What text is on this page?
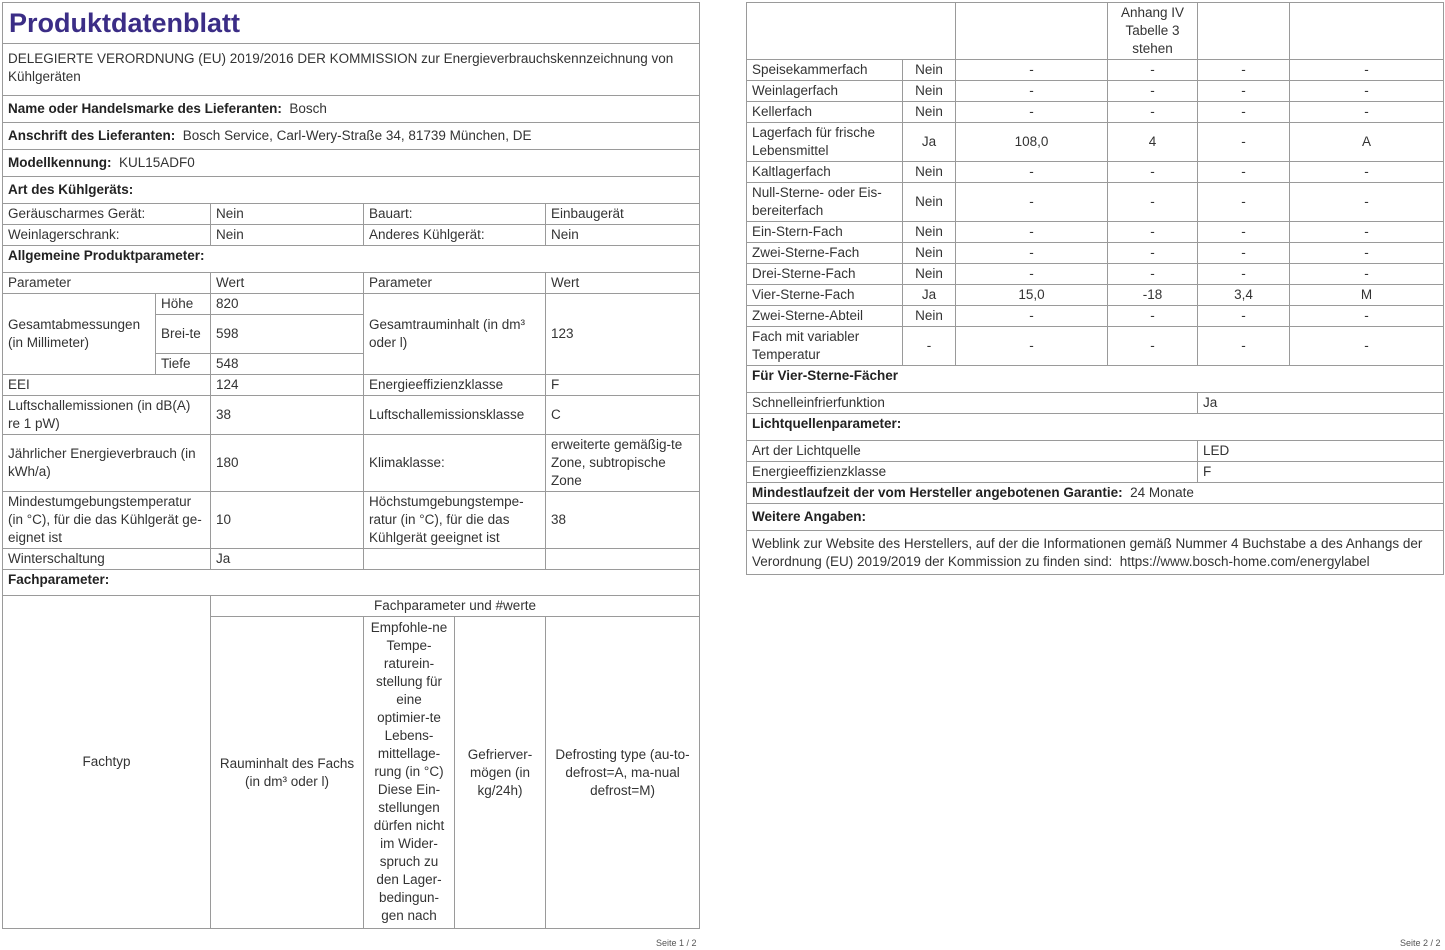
Produktdatenblatt					
DELEGIERTE VERORDNUNG (EU) 2019/2016 DER KOMMISSION zur Energieverbrauchskennzeichnung von Kühlgeräten					
Name oder Handelsmarke des Lieferanten: Bosch					
Anschrift des Lieferanten: Bosch Service, Carl-Wery-Straße 34, 81739 München, DE					
Modellkennung: KUL15ADF0					
Art des Kühlgeräts:					
Geräuscharmes Gerät:		Nein	Bauart:		Einbaugerät
Weinlagerschrank:		Nein	Anderes Kühlgerät:		Nein
Allgemeine Produktparameter:					
Parameter		Wert	Parameter		Wert
Gesamtabmessungen (in Millimeter)	Höhe	820	Gesamtrauminhalt (in dm³ oder l)		123
	Brei-te	598			
	Tiefe	548			
EEI		124	Energieeffizienzklasse		F
Luftschallemissionen (in dB(A) re 1 pW)		38	Luftschallemissionsklasse		C
Jährlicher Energieverbrauch (in kWh/a)		180	Klimaklasse:		erweiterte gemäßig-te Zone, subtropische Zone
Mindestumgebungstemperatur (in °C), für die das Kühlgerät ge-eignet ist		10	Höchstumgebungstempe-ratur (in °C), für die das Kühlgerät geeignet ist		38
Winterschaltung		Ja			
Fachparameter:					
Fachtyp		Fachparameter und #werte			
		Rauminhalt des Fachs (in dm³ oder l)	Empfohle-ne Tempe-raturein-stellung für eine optimier-te Lebens-mittellage-rung (in °C) Diese Ein-stellungen dürfen nicht im Wider-spruch zu den Lager-bedingun-gen nach	Gefrierver-mögen (in kg/24h)	Defrosting type (au-to-defrost=A, ma-nual defrost=M)
Seite 1 / 2
			Anhang IV Tabelle 3 stehen		
Speisekammerfach	Nein	-	-	-	-
Weinlagerfach	Nein	-	-	-	-
Kellerfach	Nein	-	-	-	-
Lagerfach für frische Lebensmittel	Ja	108,0	4	-	A
Kaltlagerfach	Nein	-	-	-	-
Null-Sterne- oder Eis-bereiterfach	Nein	-	-	-	-
Ein-Stern-Fach	Nein	-	-	-	-
Zwei-Sterne-Fach	Nein	-	-	-	-
Drei-Sterne-Fach	Nein	-	-	-	-
Vier-Sterne-Fach	Ja	15,0	-18	3,4	M
Zwei-Sterne-Abteil	Nein	-	-	-	-
Fach mit variabler Temperatur	-	-	-	-	-
Für Vier-Sterne-Fächer					
Schnelleinfrierfunktion				Ja	
Lichtquellenparameter:					
Art der Lichtquelle				LED	
Energieeffizienzklasse				F	
Mindestlaufzeit der vom Hersteller angebotenen Garantie: 24 Monate					
Weitere Angaben:					
Weblink zur Website des Herstellers, auf der die Informationen gemäß Nummer 4 Buchstabe a des Anhangs der Verordnung (EU) 2019/2019 der Kommission zu finden sind: https://www.bosch-home.com/energylabel					
Seite 2 / 2
